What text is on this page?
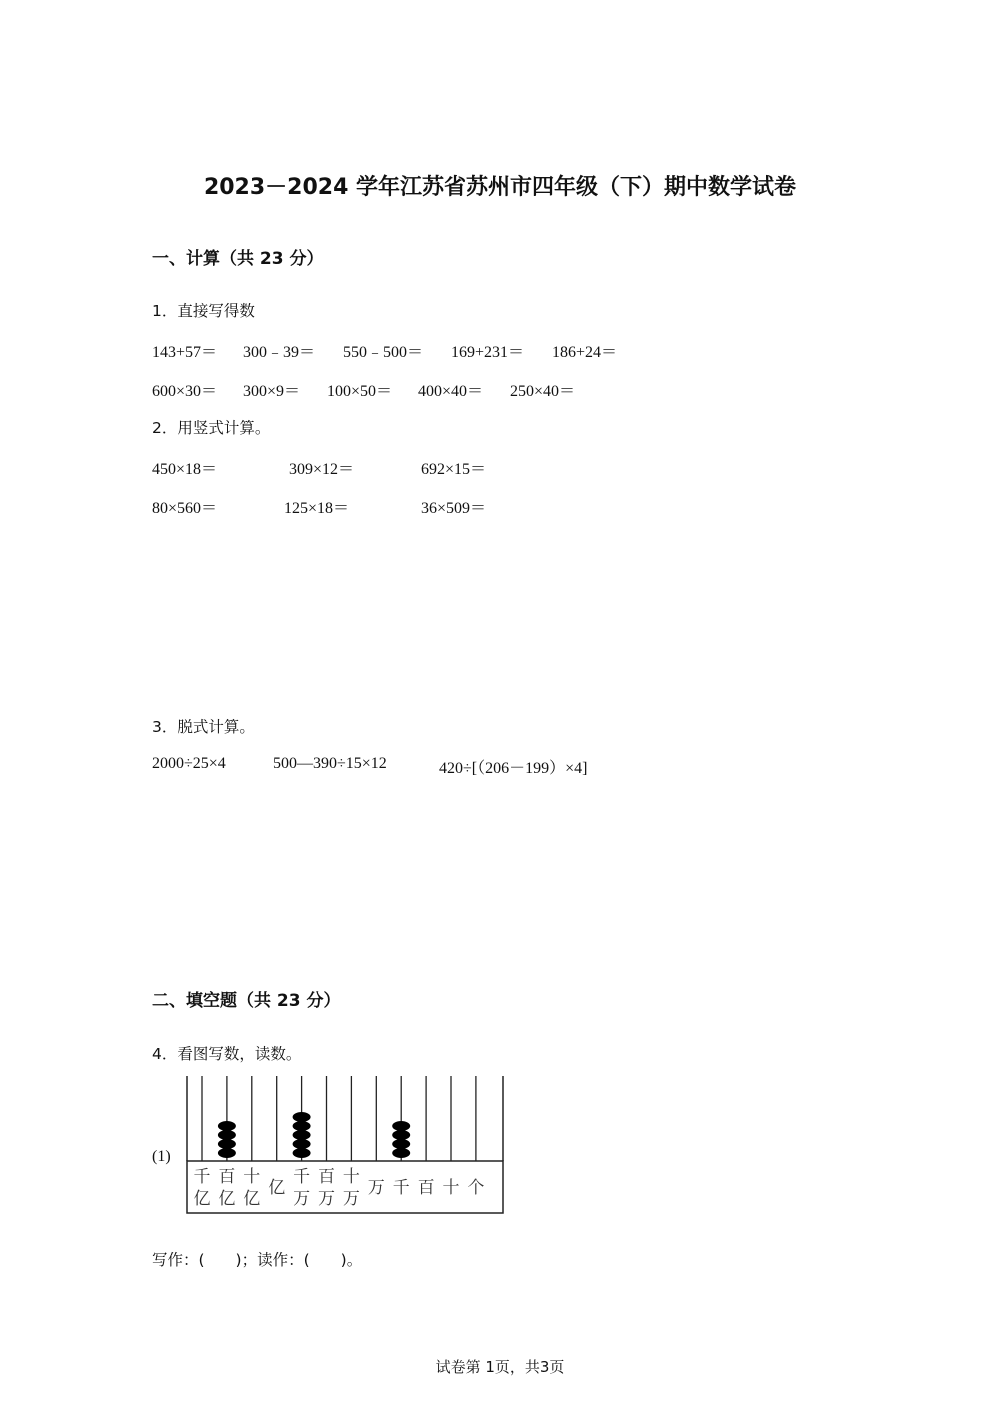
2023－2024 学年江苏省苏州市四年级（下）期中数学试卷
一、计算（共 23 分）
1．直接写得数
143+57＝ 300﹣39＝ 550﹣500＝ 169+231＝ 186+24＝
600×30＝ 300×9＝ 100×50＝ 400×40＝ 250×40＝
2．用竖式计算。
450×18＝	309×12＝	692×15＝
80×560＝	125×18＝	36×509＝
3．脱式计算。
2000÷25×4	500—390÷15×12	420÷[（206－199）×4]
二、填空题（共 23 分）
4．看图写数，读数。
(1)
千
亿
百
亿
十
亿
亿
千
万
百
万
十
万
万 千 百 十 个
写作：(　　)；读作：(　　)。
试卷第 1页，共3页
